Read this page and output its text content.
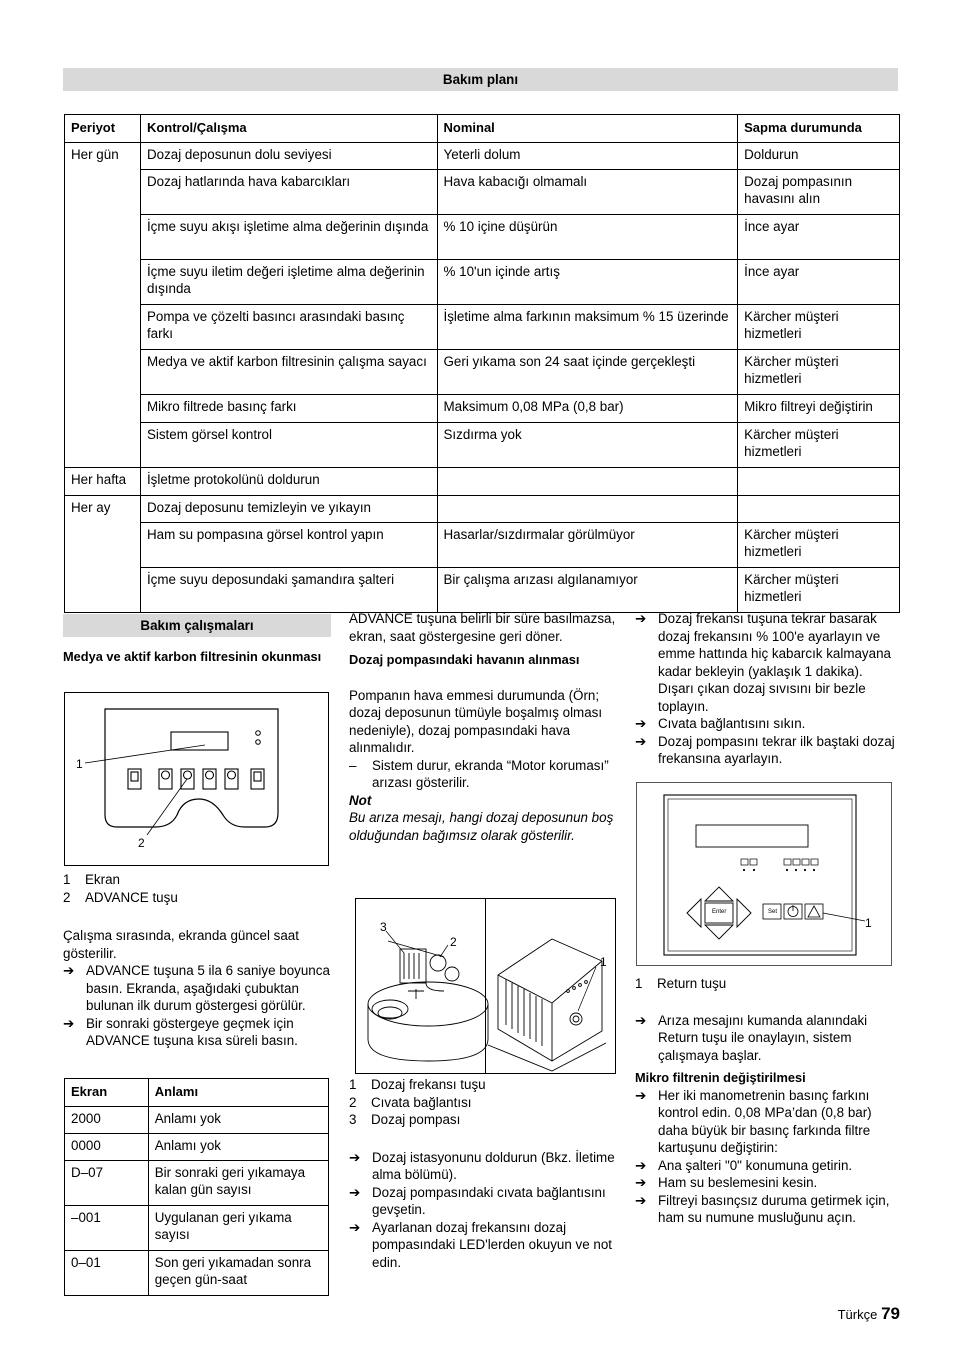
Bakım planı
Periyot	Kontrol/Çalışma	Nominal	Sapma durumunda
Her gün	Dozaj deposunun dolu seviyesi	Yeterli dolum	Doldurun
	Dozaj hatlarında hava kabarcıkları	Hava kabacığı olmamalı	Dozaj pompasının havasını alın
	İçme suyu akışı işletime alma değerinin dışında	% 10 içine düşürün	İnce ayar
	İçme suyu iletim değeri işletime alma değerinin dışında	% 10'un içinde artış	İnce ayar
	Pompa ve çözelti basıncı arasındaki basınç farkı	İşletime alma farkının maksimum % 15 üzerinde	Kärcher müşteri hizmetleri
	Medya ve aktif karbon filtresinin çalışma sayacı	Geri yıkama son 24 saat içinde gerçekleşti	Kärcher müşteri hizmetleri
	Mikro filtrede basınç farkı	Maksimum 0,08 MPa (0,8 bar)	Mikro filtreyi değiştirin
	Sistem görsel kontrol	Sızdırma yok	Kärcher müşteri hizmetleri
Her hafta	İşletme protokolünü doldurun		
Her ay	Dozaj deposunu temizleyin ve yıkayın		
	Ham su pompasına görsel kontrol yapın	Hasarlar/sızdırmalar görülmüyor	Kärcher müşteri hizmetleri
	İçme suyu deposundaki şamandıra şalteri	Bir çalışma arızası algılanamıyor	Kärcher müşteri hizmetleri
Bakım çalışmaları
Medya ve aktif karbon filtresinin okunması
1
2
1 Ekran
2 ADVANCE tuşu

Çalışma sırasında, ekranda güncel saat gösterilir.

➔ ADVANCE tuşuna 5 ila 6 saniye boyunca basın. Ekranda, aşağıdaki çubuktan bulunan ilk durum göstergesi görülür.
➔ Bir sonraki göstergeye geçmek için ADVANCE tuşuna kısa süreli basın.
Ekran	Anlamı
2000	Anlamı yok
0000	Anlamı yok
D–07	Bir sonraki geri yıkamaya kalan gün sayısı
–001	Uygulanan geri yıkama sayısı
0–01	Son geri yıkamadan sonra geçen gün-saat

ADVANCE tuşuna belirli bir süre basılmazsa, ekran, saat göstergesine geri döner.

Dozaj pompasındaki havanın alınması

Pompanın hava emmesi durumunda (Örn; dozaj deposunun tümüyle boşalmış olması nedeniyle), dozaj pompasındaki hava alınmalıdır.

– Sistem durur, ekranda “Motor koruması” arızası gösterilir.

Not

Bu arıza mesajı, hangi dozaj deposunun boş olduğundan bağımsız olarak gösterilir.

3
2
1
1 Dozaj frekansı tuşu
2 Cıvata bağlantısı
3 Dozaj pompası
➔ Dozaj istasyonunu doldurun (Bkz. İletime alma bölümü).
➔ Dozaj pompasındaki cıvata bağlantısını gevşetin.
➔ Ayarlanan dozaj frekansını dozaj pompasındaki LED'lerden okuyun ve not edin.
➔ Dozaj frekansı tuşuna tekrar basarak dozaj frekansını % 100'e ayarlayın ve emme hattında hiç kabarcık kalmayana kadar bekleyin (yaklaşık 1 dakika). Dışarı çıkan dozaj sıvısını bir bezle toplayın.
➔ Cıvata bağlantısını sıkın.
➔ Dozaj pompasını tekrar ilk baştaki dozaj frekansına ayarlayın.
Enter	Set
1
1 Return tuşu
➔ Arıza mesajını kumanda alanındaki Return tuşu ile onaylayın, sistem çalışmaya başlar.

Mikro filtrenin değiştirilmesi

➔ Her iki manometrenin basınç farkını kontrol edin. 0,08 MPa’dan (0,8 bar) daha büyük bir basınç farkında filtre kartuşunu değiştirin:
➔ Ana şalteri "0" konumuna getirin.
➔ Ham su beslemesini kesin.
➔ Filtreyi basınçsız duruma getirmek için, ham su numune musluğunu açın.
Türkçe 79
